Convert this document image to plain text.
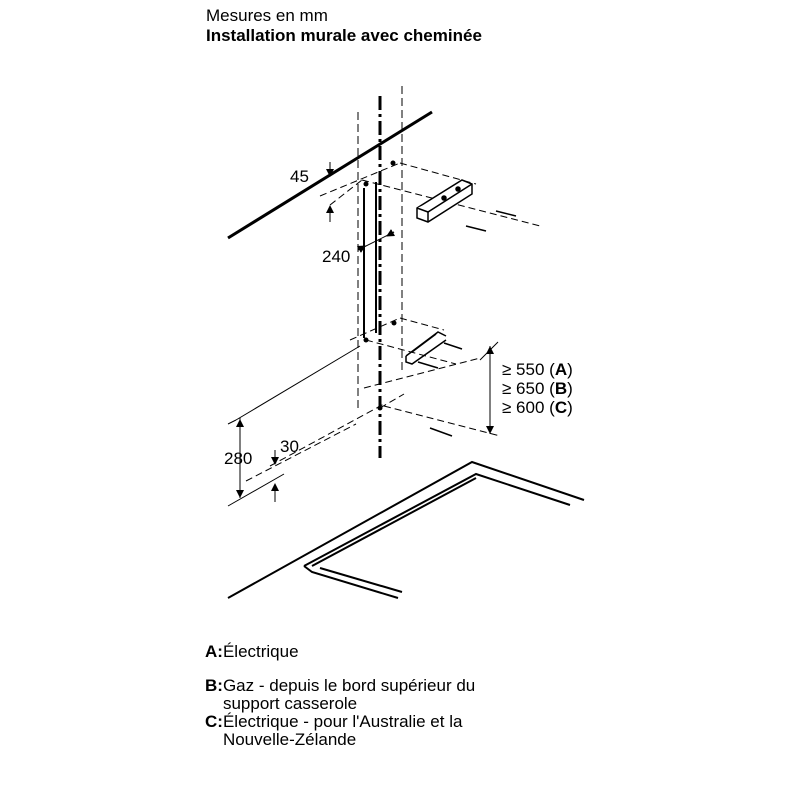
Mesures en mm
Installation murale avec cheminée
45
240
280
30
≥ 550 (A)
≥ 650 (B)
≥ 600 (C)
A: Électrique
B: Gaz - depuis le bord supérieur du support casserole
C: Électrique - pour l'Australie et la Nouvelle-Zélande
